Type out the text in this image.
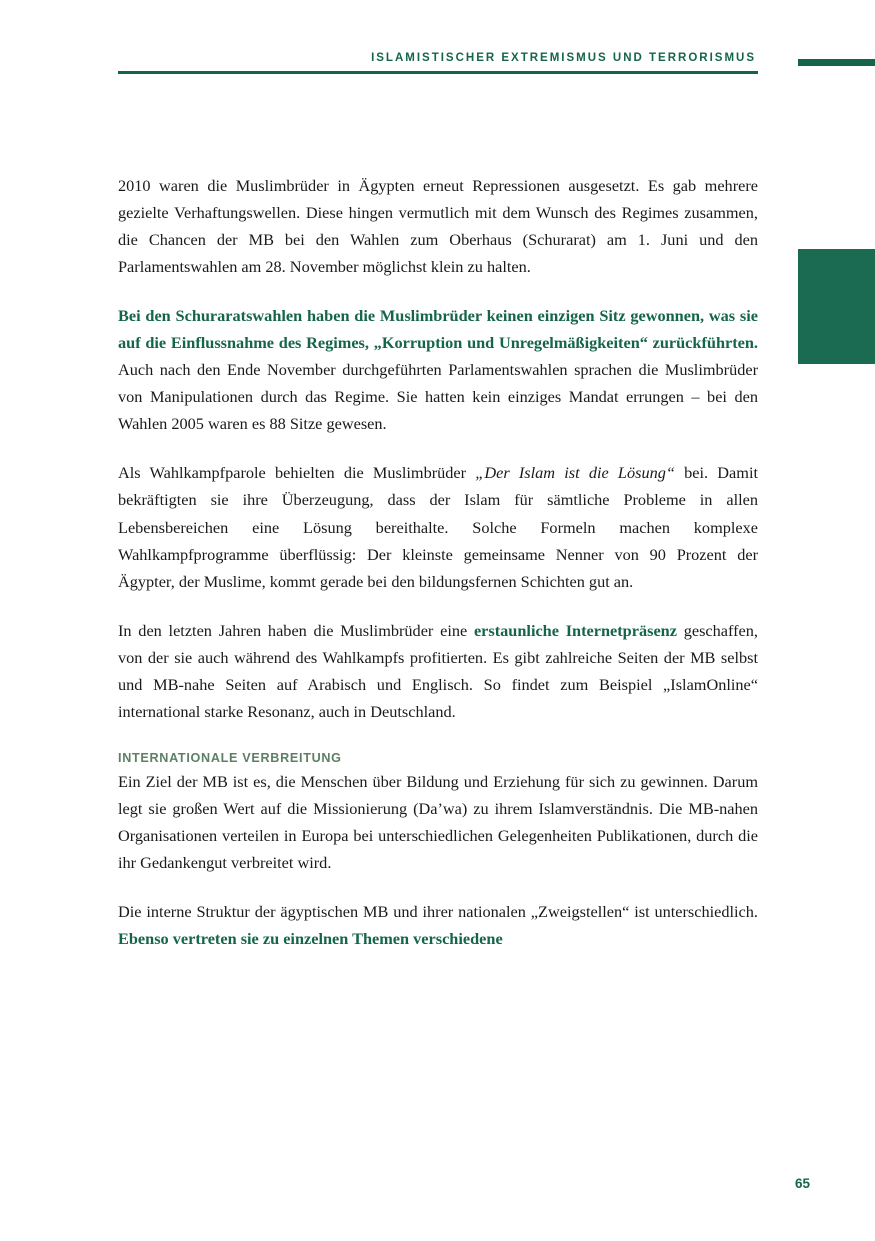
ISLAMISTISCHER EXTREMISMUS UND TERRORISMUS

2010 waren die Muslimbrüder in Ägypten erneut Repressionen ausgesetzt. Es gab mehrere gezielte Verhaftungswellen. Diese hingen vermutlich mit dem Wunsch des Regimes zusammen, die Chancen der MB bei den Wahlen zum Oberhaus (Schurarat) am 1. Juni und den Parlamentswahlen am 28. November möglichst klein zu halten.

Bei den Schuraratswahlen haben die Muslimbrüder keinen einzigen Sitz gewonnen, was sie auf die Einflussnahme des Regimes, „Korruption und Unregelmäßigkeiten“ zurückführten. Auch nach den Ende November durchgeführten Parlamentswahlen sprachen die Muslimbrüder von Manipulationen durch das Regime. Sie hatten kein einziges Mandat errungen – bei den Wahlen 2005 waren es 88 Sitze gewesen.

Als Wahlkampfparole behielten die Muslimbrüder „Der Islam ist die Lösung“ bei. Damit bekräftigten sie ihre Überzeugung, dass der Islam für sämtliche Probleme in allen Lebensbereichen eine Lösung bereithalte. Solche Formeln machen komplexe Wahlkampfprogramme überflüssig: Der kleinste gemeinsame Nenner von 90 Prozent der Ägypter, der Muslime, kommt gerade bei den bildungsfernen Schichten gut an.

In den letzten Jahren haben die Muslimbrüder eine erstaunliche Internetpräsenz geschaffen, von der sie auch während des Wahlkampfs profitierten. Es gibt zahlreiche Seiten der MB selbst und MB-nahe Seiten auf Arabisch und Englisch. So findet zum Beispiel „IslamOnline“ international starke Resonanz, auch in Deutschland.

INTERNATIONALE VERBREITUNG

Ein Ziel der MB ist es, die Menschen über Bildung und Erziehung für sich zu gewinnen. Darum legt sie großen Wert auf die Missionierung (Da’wa) zu ihrem Islamverständnis. Die MB-nahen Organisationen verteilen in Europa bei unterschiedlichen Gelegenheiten Publikationen, durch die ihr Gedankengut verbreitet wird.

Die interne Struktur der ägyptischen MB und ihrer nationalen „Zweigstellen“ ist unterschiedlich. Ebenso vertreten sie zu einzelnen Themen verschiedene

65
